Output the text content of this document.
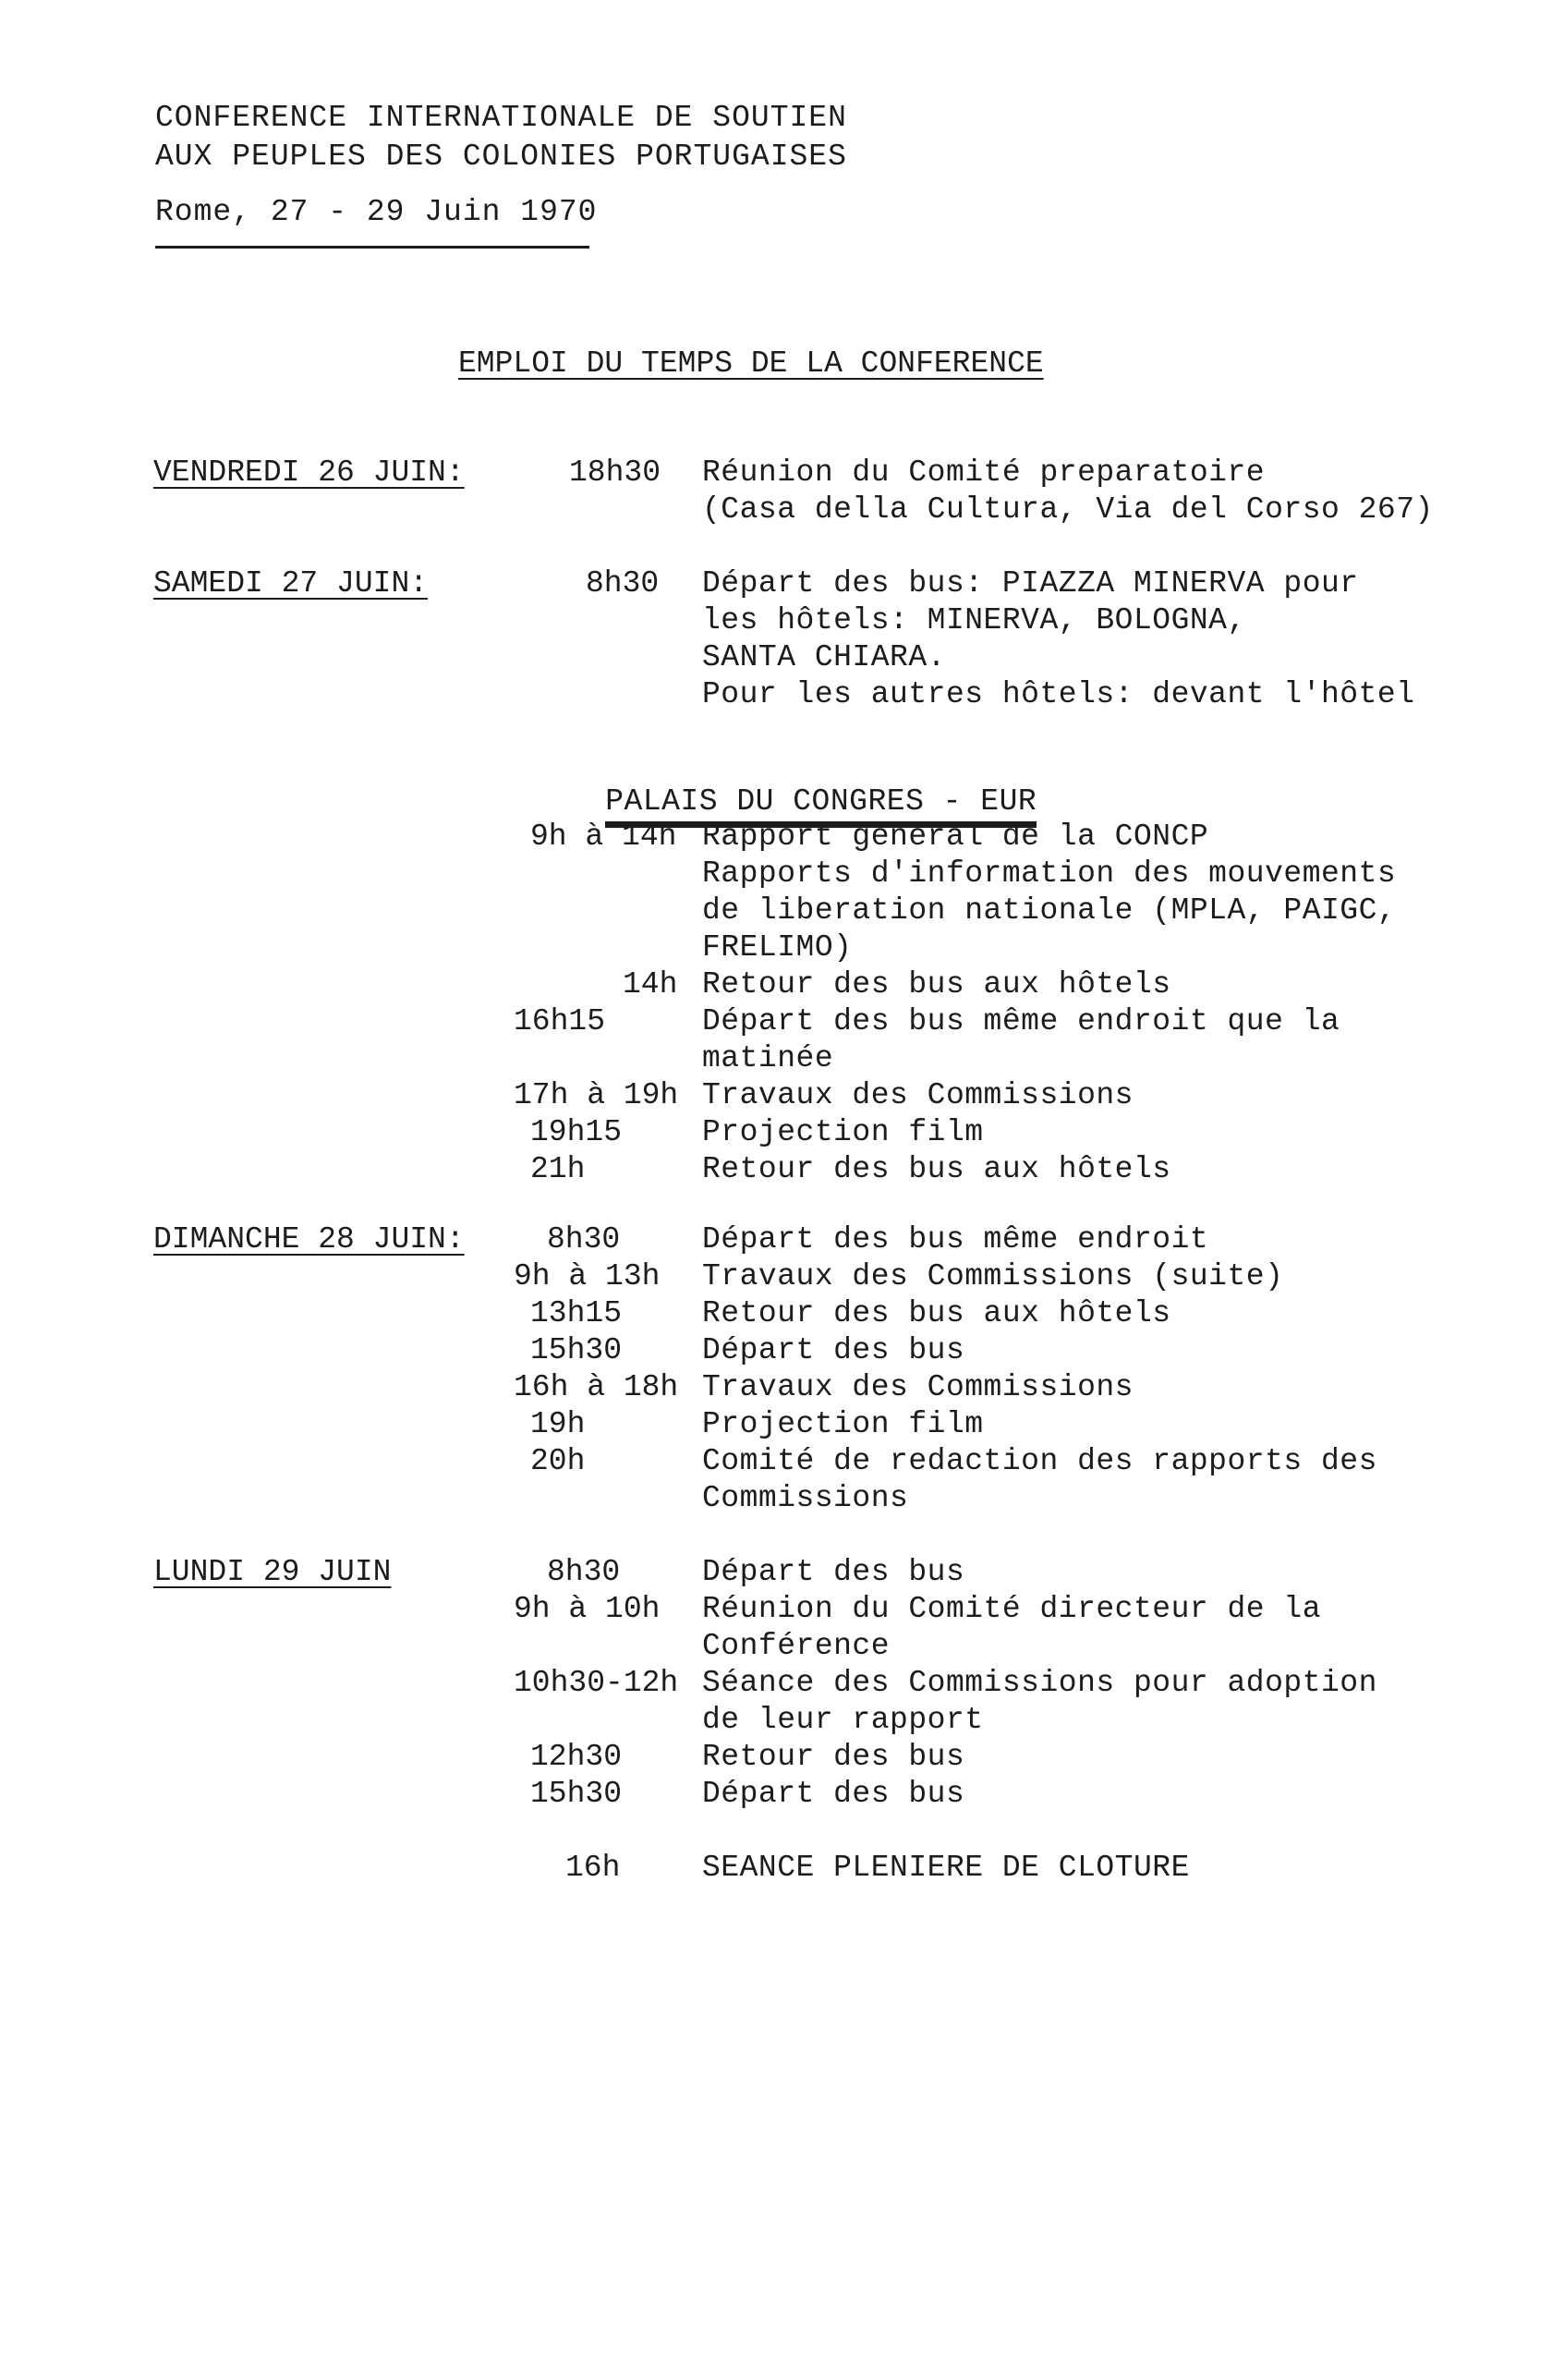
CONFERENCE INTERNATIONALE DE SOUTIEN
AUX PEUPLES DES COLONIES PORTUGAISES
Rome, 27 - 29 Juin 1970
EMPLOI DU TEMPS DE LA CONFERENCE
VENDREDI 26 JUIN:	18h30 Réunion du Comité preparatoire
(Casa della Cultura, Via del Corso 267)
SAMEDI 27 JUIN:	8h30 Départ des bus: PIAZZA MINERVA pour
les hôtels: MINERVA, BOLOGNA,
SANTA CHIARA.
Pour les autres hôtels: devant l'hôtel

PALAIS DU CONGRES - EUR

9h à 14h Rapport général de la CONCP
Rapports d'information des mouvements
de liberation nationale (MPLA, PAIGC,
FRELIMO)
14h Retour des bus aux hôtels
16h15	Départ des bus même endroit que la
matinée
17h à 19h Travaux des Commissions
19h15	Projection film
21h	Retour des bus aux hôtels
DIMANCHE 28 JUIN:	8h30	Départ des bus même endroit
9h à 13h Travaux des Commissions (suite)
13h15	Retour des bus aux hôtels
15h30	Départ des bus
16h à 18h Travaux des Commissions
19h	Projection film
20h	Comité de redaction des rapports des
Commissions
LUNDI 29 JUIN	8h30	Départ des bus
9h à 10h Réunion du Comité directeur de la
Conférence
10h30-12h Séance des Commissions pour adoption
de leur rapport
12h30	Retour des bus
15h30	Départ des bus
16h	SEANCE PLENIERE DE CLOTURE
